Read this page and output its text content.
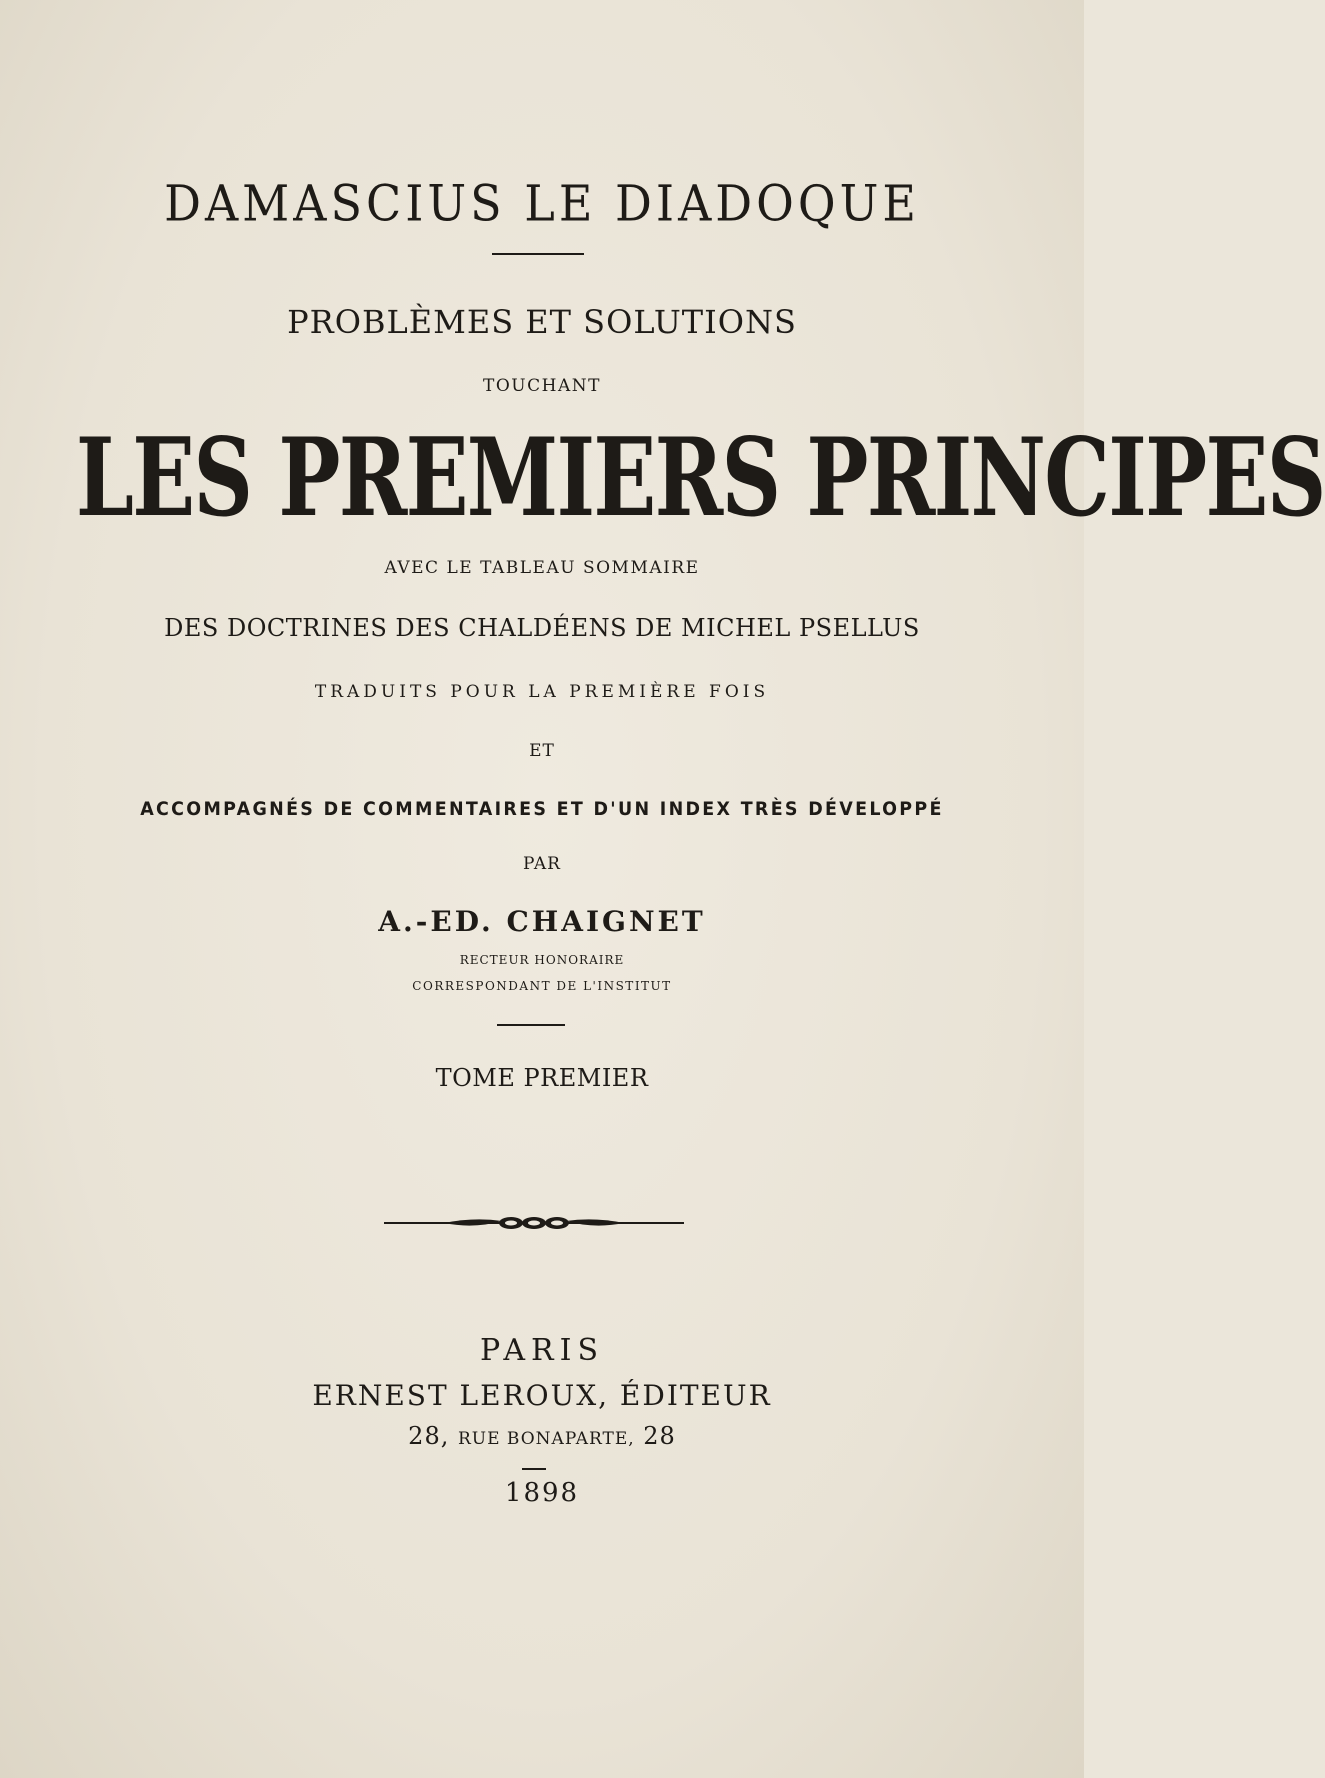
DAMASCIUS LE DIADOQUE
PROBLÈMES ET SOLUTIONS
TOUCHANT
LES PREMIERS PRINCIPES
AVEC LE TABLEAU SOMMAIRE
DES DOCTRINES DES CHALDÉENS DE MICHEL PSELLUS
TRADUITS POUR LA PREMIÈRE FOIS
ET
ACCOMPAGNÉS DE COMMENTAIRES ET D'UN INDEX TRÈS DÉVELOPPÉ
PAR
A.-ED. CHAIGNET
RECTEUR HONORAIRE
CORRESPONDANT DE L'INSTITUT
TOME PREMIER
PARIS
ERNEST LEROUX, ÉDITEUR
28, RUE BONAPARTE, 28
1898
